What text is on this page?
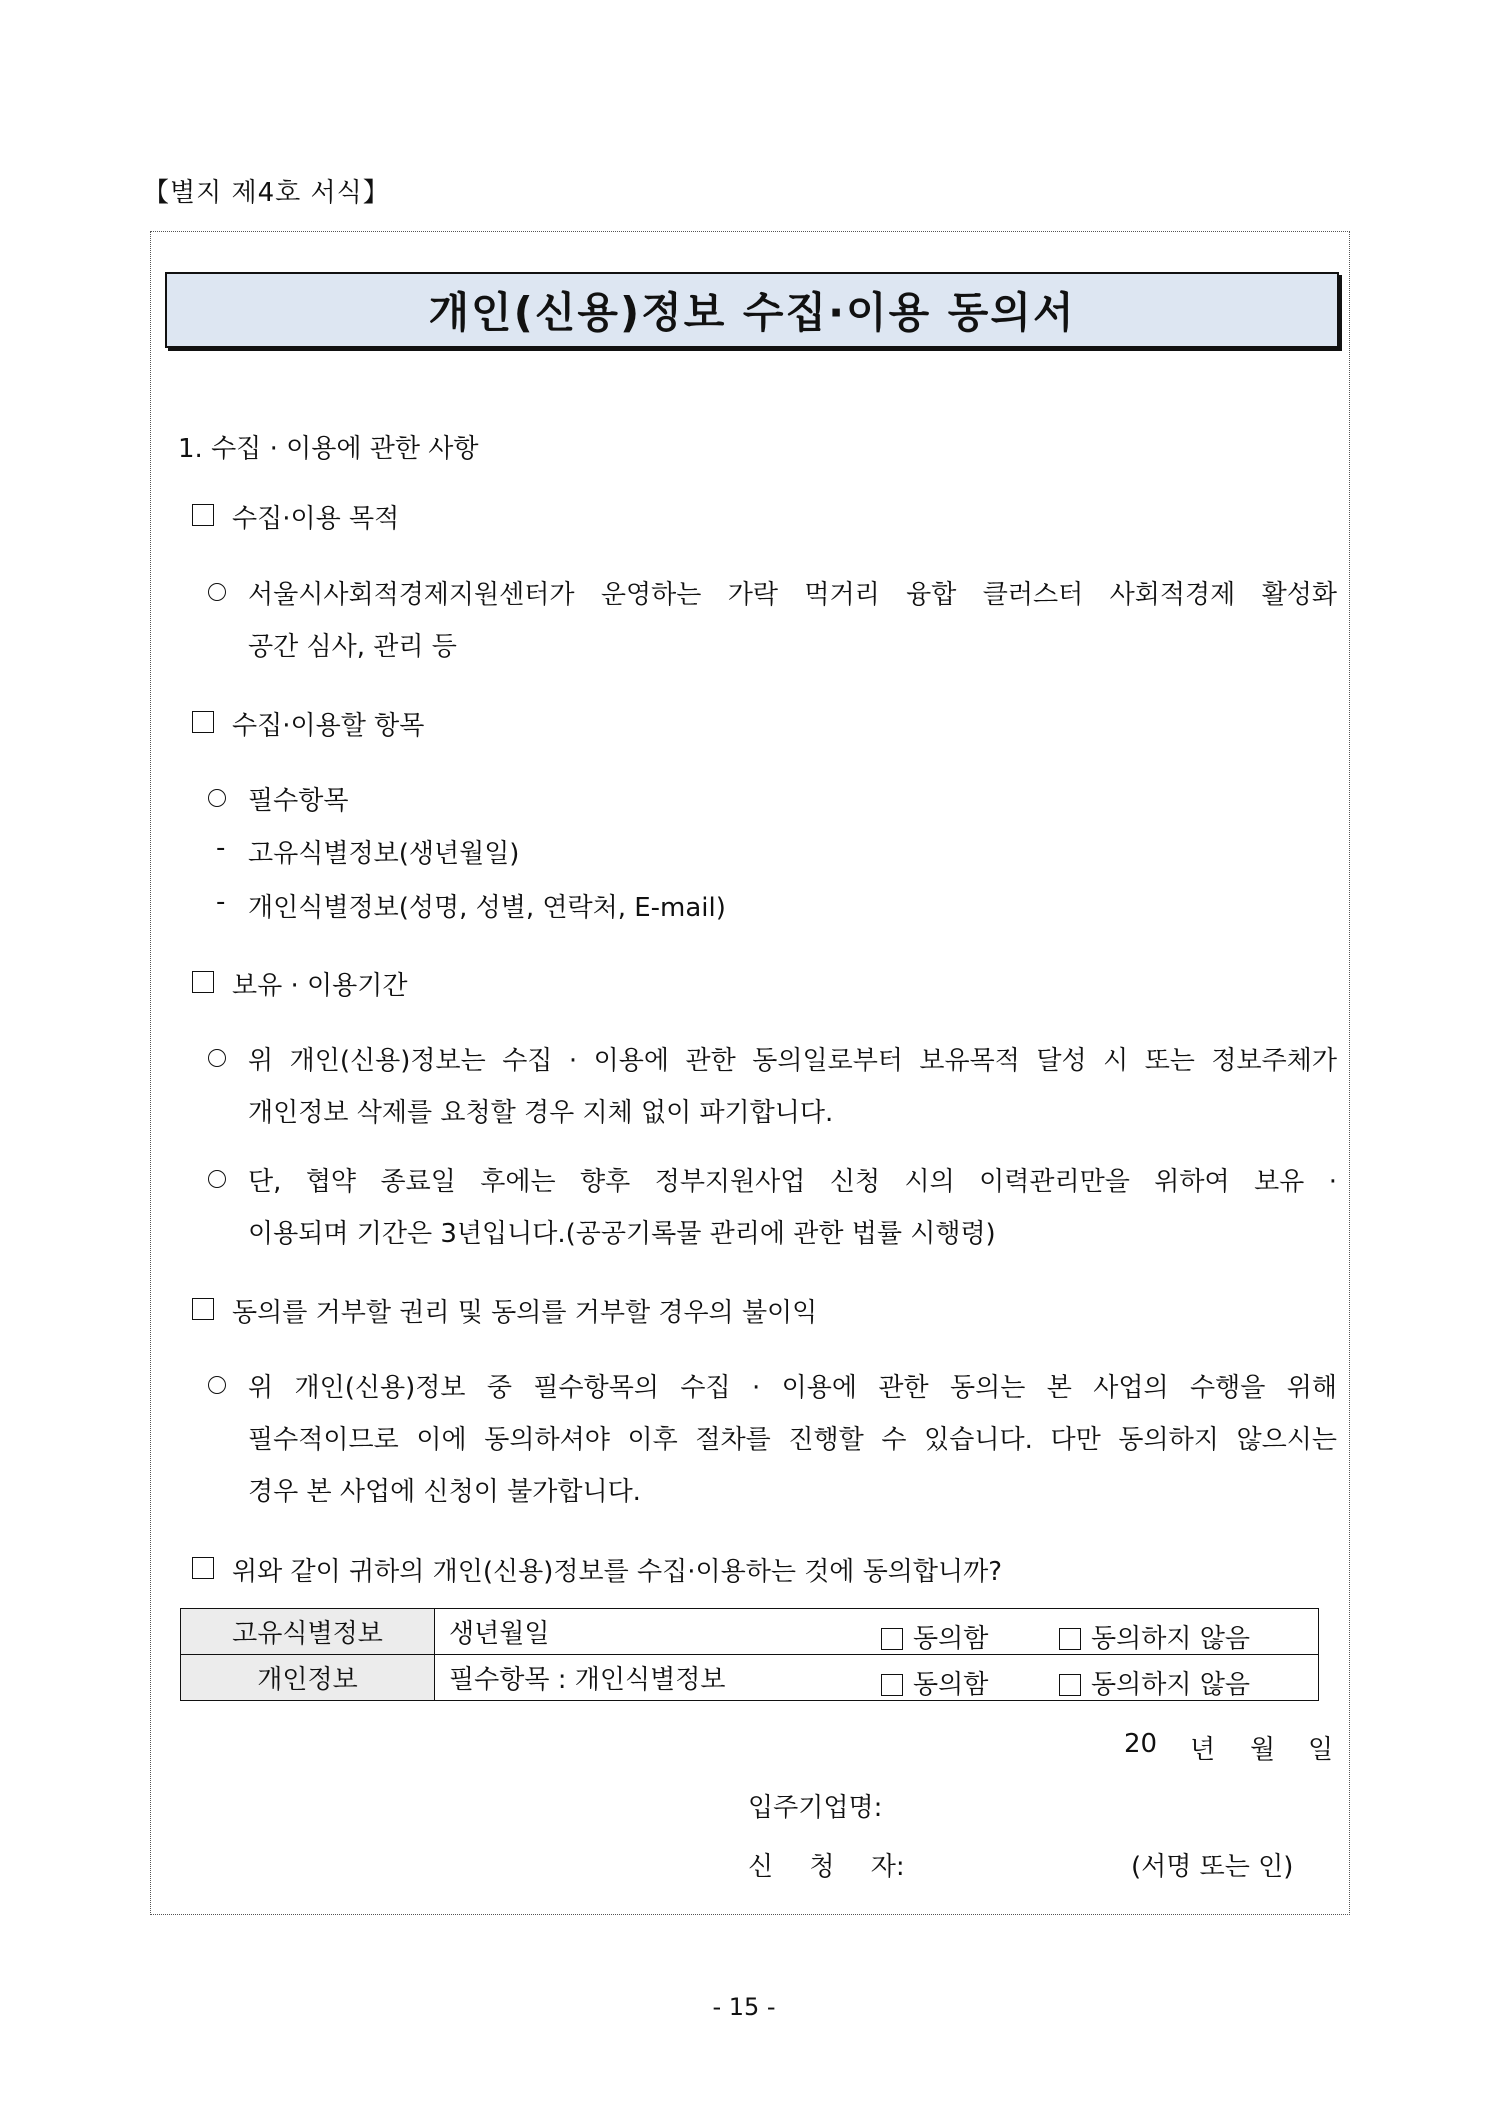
【별지 제4호 서식】
개인(신용)정보 수집·이용 동의서
1. 수집 · 이용에 관한 사항
수집·이용 목적
서울시사회적경제지원센터가 운영하는 가락 먹거리 융합 클러스터 사회적경제 활성화
공간 심사, 관리 등
수집·이용할 항목
필수항목
- 고유식별정보(생년월일)
- 개인식별정보(성명, 성별, 연락처, E-mail)
보유 · 이용기간
위 개인(신용)정보는 수집 · 이용에 관한 동의일로부터 보유목적 달성 시 또는 정보주체가
개인정보 삭제를 요청할 경우 지체 없이 파기합니다.
단, 협약 종료일 후에는 향후 정부지원사업 신청 시의 이력관리만을 위하여 보유 ·
이용되며 기간은 3년입니다.(공공기록물 관리에 관한 법률 시행령)
동의를 거부할 권리 및 동의를 거부할 경우의 불이익
위 개인(신용)정보 중 필수항목의 수집 · 이용에 관한 동의는 본 사업의 수행을 위해
필수적이므로 이에 동의하셔야 이후 절차를 진행할 수 있습니다. 다만 동의하지 않으시는
경우 본 사업에 신청이 불가합니다.
위와 같이 귀하의 개인(신용)정보를 수집·이용하는 것에 동의합니까?
고유식별정보	생년월일 동의함 동의하지 않음

개인정보	필수항목 : 개인식별정보 동의함 동의하지 않음
20 년 월 일
입주기업명:
신 청 자:	(서명 또는 인)
- 15 -
